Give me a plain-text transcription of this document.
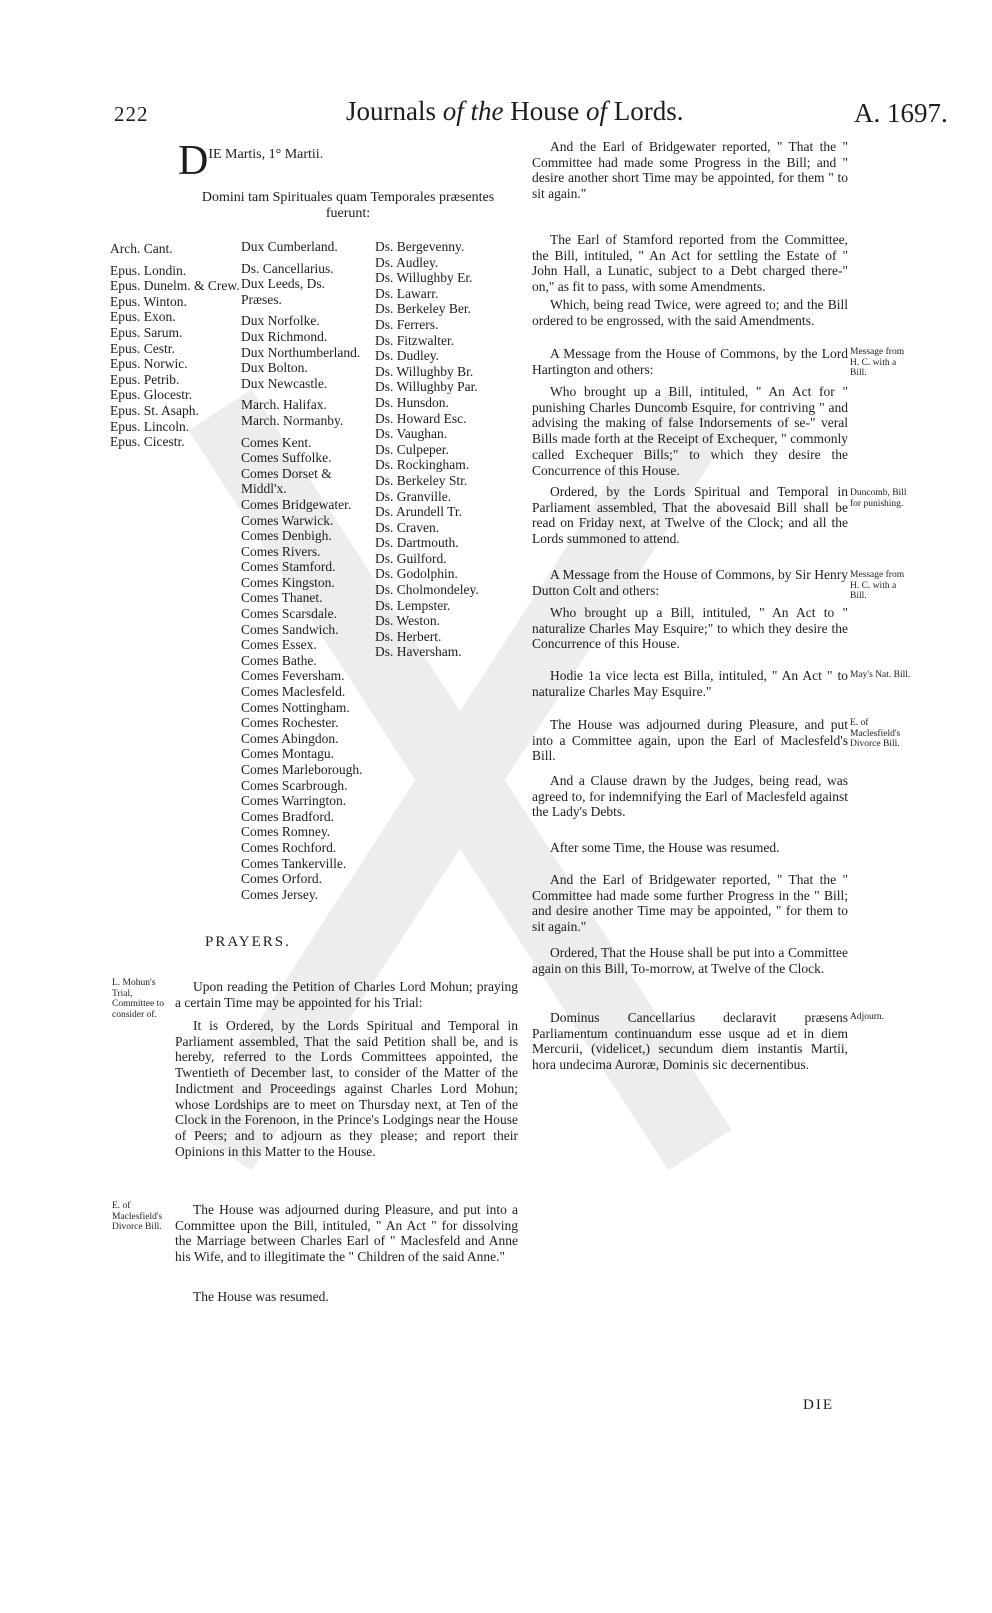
222	Journals of the House of Lords.	A. 1697.
DIE Martis, 1° Martii.
Domini tam Spirituales quam Temporales præsentes fuerunt:
Arch. Cant.
Epus. Londin.
Epus. Dunelm. & Crew.
Epus. Winton.
Epus. Exon.
Epus. Sarum.
Epus. Cestr.
Epus. Norwic.
Epus. Petrib.
Epus. Glocestr.
Epus. St. Asaph.
Epus. Lincoln.
Epus. Cicestr.
Dux Cumberland.
Ds. Cancellarius.
Dux Leeds, Ds. Præses.
Dux Norfolke.
Dux Richmond.
Dux Northumberland.
Dux Bolton.
Dux Newcastle.
March. Halifax.
March. Normanby.
Comes Kent.
Comes Suffolke.
Comes Dorset & Middl'x.
Comes Bridgewater.
Comes Warwick.
Comes Denbigh.
Comes Rivers.
Comes Stamford.
Comes Kingston.
Comes Thanet.
Comes Scarsdale.
Comes Sandwich.
Comes Essex.
Comes Bathe.
Comes Feversham.
Comes Maclesfeld.
Comes Nottingham.
Comes Rochester.
Comes Abingdon.
Comes Montagu.
Comes Marleborough.
Comes Scarbrough.
Comes Warrington.
Comes Bradford.
Comes Romney.
Comes Rochford.
Comes Tankerville.
Comes Orford.
Comes Jersey.
Ds. Bergevenny.
Ds. Audley.
Ds. Willughby Er.
Ds. Lawarr.
Ds. Berkeley Ber.
Ds. Ferrers.
Ds. Fitzwalter.
Ds. Dudley.
Ds. Willughby Br.
Ds. Willughby Par.
Ds. Hunsdon.
Ds. Howard Esc.
Ds. Vaughan.
Ds. Culpeper.
Ds. Rockingham.
Ds. Berkeley Str.
Ds. Granville.
Ds. Arundell Tr.
Ds. Craven.
Ds. Dartmouth.
Ds. Guilford.
Ds. Godolphin.
Ds. Cholmondeley.
Ds. Lempster.
Ds. Weston.
Ds. Herbert.
Ds. Haversham.
PRAYERS.
L. Mohun's Trial, Committee to consider of.

Upon reading the Petition of Charles Lord Mohun; praying a certain Time may be appointed for his Trial:

It is Ordered, by the Lords Spiritual and Temporal in Parliament assembled, That the said Petition shall be, and is hereby, referred to the Lords Committees appointed, the Twentieth of December last, to consider of the Matter of the Indictment and Proceedings against Charles Lord Mohun; whose Lordships are to meet on Thursday next, at Ten of the Clock in the Forenoon, in the Prince's Lodgings near the House of Peers; and to adjourn as they please; and report their Opinions in this Matter to the House.

E. of Maclesfield's Divorce Bill.

The House was adjourned during Pleasure, and put into a Committee upon the Bill, intituled, " An Act " for dissolving the Marriage between Charles Earl of " Maclesfeld and Anne his Wife, and to illegitimate the " Children of the said Anne."

The House was resumed.

And the Earl of Bridgewater reported, " That the " Committee had made some Progress in the Bill; and " desire another short Time may be appointed, for them " to sit again."

The Earl of Stamford reported from the Committee, the Bill, intituled, " An Act for settling the Estate of " John Hall, a Lunatic, subject to a Debt charged there-" on," as fit to pass, with some Amendments.

Which, being read Twice, were agreed to; and the Bill ordered to be engrossed, with the said Amendments.

Message from H. C. with a Bill.

A Message from the House of Commons, by the Lord Hartington and others:

Who brought up a Bill, intituled, " An Act for " punishing Charles Duncomb Esquire, for contriving " and advising the making of false Indorsements of se-" veral Bills made forth at the Receipt of Exchequer, " commonly called Exchequer Bills;" to which they desire the Concurrence of this House.

Duncomb, Bill for punishing.

Ordered, by the Lords Spiritual and Temporal in Parliament assembled, That the abovesaid Bill shall be read on Friday next, at Twelve of the Clock; and all the Lords summoned to attend.

Message from H. C. with a Bill.

A Message from the House of Commons, by Sir Henry Dutton Colt and others:

Who brought up a Bill, intituled, " An Act to " naturalize Charles May Esquire;" to which they desire the Concurrence of this House.

May's Nat. Bill.

Hodie 1a vice lecta est Billa, intituled, " An Act " to naturalize Charles May Esquire."

E. of Maclesfield's Divorce Bill.

The House was adjourned during Pleasure, and put into a Committee again, upon the Earl of Maclesfeld's Bill.

And a Clause drawn by the Judges, being read, was agreed to, for indemnifying the Earl of Maclesfeld against the Lady's Debts.

After some Time, the House was resumed.

And the Earl of Bridgewater reported, " That the " Committee had made some further Progress in the " Bill; and desire another Time may be appointed, " for them to sit again."

Ordered, That the House shall be put into a Committee again on this Bill, To-morrow, at Twelve of the Clock.

Adjourn.

Dominus Cancellarius declaravit præsens Parliamentum continuandum esse usque ad et in diem Mercurii, (videlicet,) secundum diem instantis Martii, hora undecima Auroræ, Dominis sic decernentibus.

DIE
